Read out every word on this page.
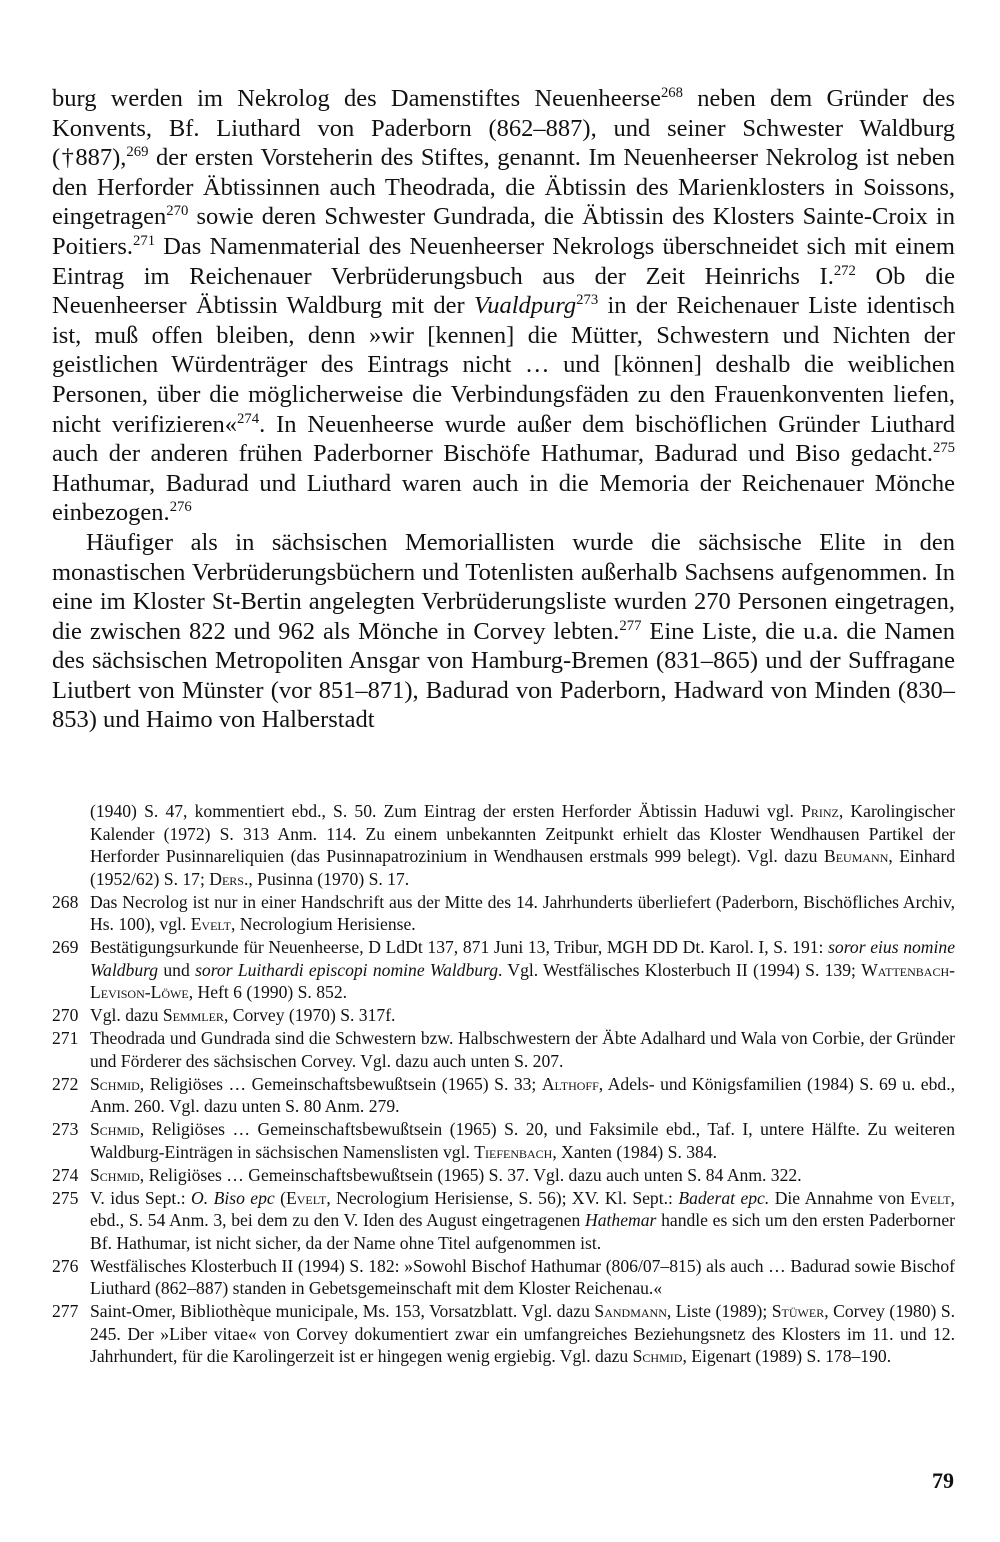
burg werden im Nekrolog des Damenstiftes Neuenheerse$^{268}$ neben dem Gründer des Konvents, Bf. Liuthard von Paderborn (862–887), und seiner Schwester Waldburg (†887),$^{269}$ der ersten Vorsteherin des Stiftes, genannt. Im Neuenheerser Nekrolog ist neben den Herforder Äbtissinnen auch Theodrada, die Äbtissin des Marienklosters in Soissons, eingetragen$^{270}$ sowie deren Schwester Gundrada, die Äbtissin des Klosters Sainte-Croix in Poitiers.$^{271}$ Das Namenmaterial des Neuenheerser Nekrologs überschneidet sich mit einem Eintrag im Reichenauer Verbrüderungsbuch aus der Zeit Heinrichs I.$^{272}$ Ob die Neuenheerser Äbtissin Waldburg mit der Vualdpurg$^{273}$ in der Reichenauer Liste identisch ist, muß offen bleiben, denn »wir [kennen] die Mütter, Schwestern und Nichten der geistlichen Würdenträger des Eintrags nicht … und [können] deshalb die weiblichen Personen, über die möglicherweise die Verbindungsfäden zu den Frauenkonventen liefen, nicht verifizieren«$^{274}$. In Neuenheerse wurde außer dem bischöflichen Gründer Liuthard auch der anderen frühen Paderborner Bischöfe Hathumar, Badurad und Biso gedacht.$^{275}$ Hathumar, Badurad und Liuthard waren auch in die Memoria der Reichenauer Mönche einbezogen.$^{276}$

Häufiger als in sächsischen Memoriallisten wurde die sächsische Elite in den monastischen Verbrüderungsbüchern und Totenlisten außerhalb Sachsens aufgenommen. In eine im Kloster St-Bertin angelegten Verbrüderungsliste wurden 270 Personen eingetragen, die zwischen 822 und 962 als Mönche in Corvey lebten.$^{277}$ Eine Liste, die u.a. die Namen des sächsischen Metropoliten Ansgar von Hamburg-Bremen (831–865) und der Suffragane Liutbert von Münster (vor 851–871), Badurad von Paderborn, Hadward von Minden (830–853) und Haimo von Halberstadt

(1940) S. 47, kommentiert ebd., S. 50. Zum Eintrag der ersten Herforder Äbtissin Haduwi vgl. Prinz, Karolingischer Kalender (1972) S. 313 Anm. 114. Zu einem unbekannten Zeitpunkt erhielt das Kloster Wendhausen Partikel der Herforder Pusinnareliquien (das Pusinnapatrozinium in Wendhausen erstmals 999 belegt). Vgl. dazu Beumann, Einhard (1952/62) S. 17; Ders., Pusinna (1970) S. 17.
268 Das Necrolog ist nur in einer Handschrift aus der Mitte des 14. Jahrhunderts überliefert (Paderborn, Bischöfliches Archiv, Hs. 100), vgl. Evelt, Necrologium Herisiense.
269 Bestätigungsurkunde für Neuenheerse, D LdDt 137, 871 Juni 13, Tribur, MGH DD Dt. Karol. I, S. 191: soror eius nomine Waldburg und soror Luithardi episcopi nomine Waldburg. Vgl. Westfälisches Klosterbuch II (1994) S. 139; Wattenbach-Levison-Löwe, Heft 6 (1990) S. 852.
270 Vgl. dazu Semmler, Corvey (1970) S. 317f.
271 Theodrada und Gundrada sind die Schwestern bzw. Halbschwestern der Äbte Adalhard und Wala von Corbie, der Gründer und Förderer des sächsischen Corvey. Vgl. dazu auch unten S. 207.
272 Schmid, Religiöses … Gemeinschaftsbewußtsein (1965) S. 33; Althoff, Adels- und Königsfamilien (1984) S. 69 u. ebd., Anm. 260. Vgl. dazu unten S. 80 Anm. 279.
273 Schmid, Religiöses … Gemeinschaftsbewußtsein (1965) S. 20, und Faksimile ebd., Taf. I, untere Hälfte. Zu weiteren Waldburg-Einträgen in sächsischen Namenslisten vgl. Tiefenbach, Xanten (1984) S. 384.
274 Schmid, Religiöses … Gemeinschaftsbewußtsein (1965) S. 37. Vgl. dazu auch unten S. 84 Anm. 322.
275 V. idus Sept.: O. Biso epc (Evelt, Necrologium Herisiense, S. 56); XV. Kl. Sept.: Baderat epc. Die Annahme von Evelt, ebd., S. 54 Anm. 3, bei dem zu den V. Iden des August eingetragenen Hathemar handle es sich um den ersten Paderborner Bf. Hathumar, ist nicht sicher, da der Name ohne Titel aufgenommen ist.
276 Westfälisches Klosterbuch II (1994) S. 182: »Sowohl Bischof Hathumar (806/07–815) als auch … Badurad sowie Bischof Liuthard (862–887) standen in Gebetsgemeinschaft mit dem Kloster Reichenau.«
277 Saint-Omer, Bibliothèque municipale, Ms. 153, Vorsatzblatt. Vgl. dazu Sandmann, Liste (1989); Stüwer, Corvey (1980) S. 245. Der »Liber vitae« von Corvey dokumentiert zwar ein umfangreiches Beziehungsnetz des Klosters im 11. und 12. Jahrhundert, für die Karolingerzeit ist er hingegen wenig ergiebig. Vgl. dazu Schmid, Eigenart (1989) S. 178–190.
79
